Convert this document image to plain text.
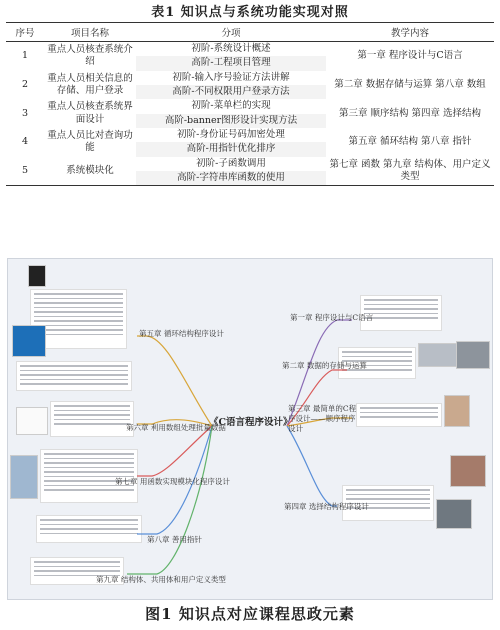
表1 知识点与系统功能实现对照
序号	项目名称	分项	教学内容
1	重点人员核查系统介绍	初阶-系统设计概述	第一章 程序设计与C语言
		高阶-工程项目管理	
2	重点人员相关信息的存储、用户登录	初阶-输入序号验证方法讲解	第二章 数据存储与运算 第八章 数组
		高阶-不同权限用户登录方法	
3	重点人员核查系统界面设计	初阶-菜单栏的实现	第三章 顺序结构 第四章 选择结构
		高阶-banner图形设计实现方法	
4	重点人员比对查询功能	初阶-身份证号码加密处理	第五章 循环结构 第八章 指针
		高阶-用指针优化排序	
5	系统模块化	初阶-子函数调用	第七章 函数 第九章 结构体、用户定义类型
		高阶-字符串库函数的使用	
《C语言程序设计》
第五章 循环结构程序设计
第六章 利用数组处理批量数据
第七章 用函数实现模块化程序设计
第八章 善用指针
第九章 结构体、共用体和用户定义类型
第一章 程序设计与C语言
第二章 数据的存储与运算
第三章 最简单的C程序设计——顺序程序设计
第四章 选择结构程序设计
图1 知识点对应课程思政元素
